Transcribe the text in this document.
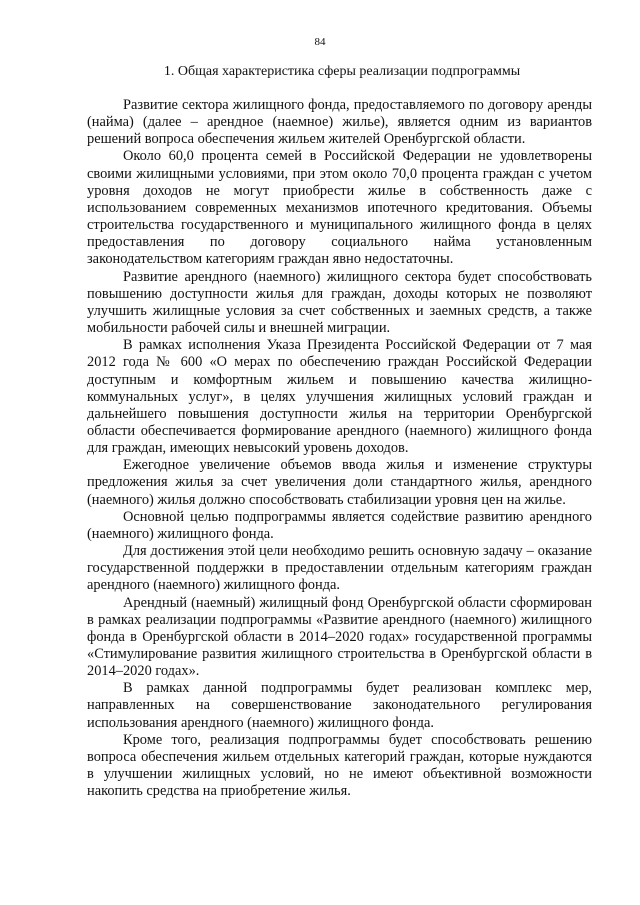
84
1. Общая характеристика сферы реализации подпрограммы

Развитие сектора жилищного фонда, предоставляемого по договору аренды (найма) (далее – арендное (наемное) жилье), является одним из вариантов решений вопроса обеспечения жильем жителей Оренбургской области.

Около 60,0 процента семей в Российской Федерации не удовлетворены своими жилищными условиями, при этом около 70,0 процента граждан с учетом уровня доходов не могут приобрести жилье в собственность даже с использованием современных механизмов ипотечного кредитования. Объемы строительства государственного и муниципального жилищного фонда в целях предоставления по договору социального найма установленным законодательством категориям граждан явно недостаточны.

Развитие арендного (наемного) жилищного сектора будет способствовать повышению доступности жилья для граждан, доходы которых не позволяют улучшить жилищные условия за счет собственных и заемных средств, а также мобильности рабочей силы и внешней миграции.

В рамках исполнения Указа Президента Российской Федерации от 7 мая 2012 года № 600 «О мерах по обеспечению граждан Российской Федерации доступным и комфортным жильем и повышению качества жилищно-коммунальных услуг», в целях улучшения жилищных условий граждан и дальнейшего повышения доступности жилья на территории Оренбургской области обеспечивается формирование арендного (наемного) жилищного фонда для граждан, имеющих невысокий уровень доходов.

Ежегодное увеличение объемов ввода жилья и изменение структуры предложения жилья за счет увеличения доли стандартного жилья, арендного (наемного) жилья должно способствовать стабилизации уровня цен на жилье.

Основной целью подпрограммы является содействие развитию арендного (наемного) жилищного фонда.

Для достижения этой цели необходимо решить основную задачу – оказание государственной поддержки в предоставлении отдельным категориям граждан арендного (наемного) жилищного фонда.

Арендный (наемный) жилищный фонд Оренбургской области сформирован в рамках реализации подпрограммы «Развитие арендного (наемного) жилищного фонда в Оренбургской области в 2014–2020 годах» государственной программы «Стимулирование развития жилищного строительства в Оренбургской области в 2014–2020 годах».

В рамках данной подпрограммы будет реализован комплекс мер, направленных на совершенствование законодательного регулирования использования арендного (наемного) жилищного фонда.

Кроме того, реализация подпрограммы будет способствовать решению вопроса обеспечения жильем отдельных категорий граждан, которые нуждаются в улучшении жилищных условий, но не имеют объективной возможности накопить средства на приобретение жилья.
